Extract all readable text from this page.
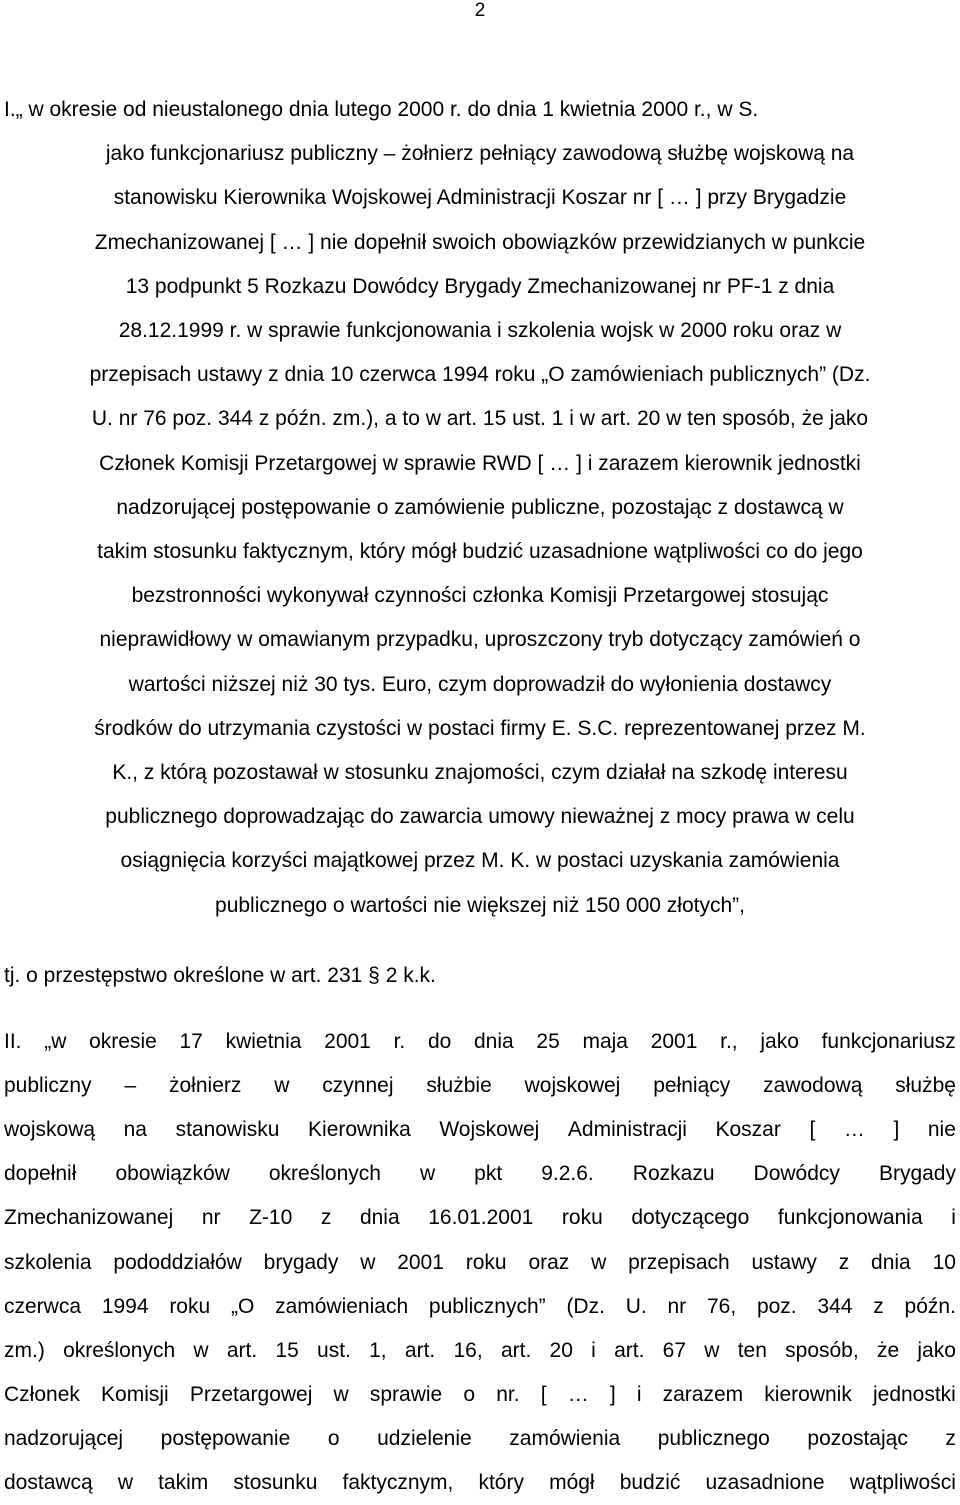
2
I.„ w okresie od nieustalonego dnia lutego 2000 r. do dnia 1 kwietnia 2000 r., w S.
jako funkcjonariusz publiczny – żołnierz pełniący zawodową służbę wojskową na
stanowisku Kierownika Wojskowej Administracji Koszar nr [ … ] przy Brygadzie
Zmechanizowanej [ … ] nie dopełnił swoich obowiązków przewidzianych w punkcie
13 podpunkt 5 Rozkazu Dowódcy Brygady Zmechanizowanej nr PF-1 z dnia
28.12.1999 r. w sprawie funkcjonowania i szkolenia wojsk w 2000 roku oraz w
przepisach ustawy z dnia 10 czerwca 1994 roku „O zamówieniach publicznych” (Dz.
U. nr 76 poz. 344 z późn. zm.), a to w art. 15 ust. 1 i w art. 20 w ten sposób, że jako
Członek Komisji Przetargowej w sprawie RWD [ … ] i zarazem kierownik jednostki
nadzorującej postępowanie o zamówienie publiczne, pozostając z dostawcą w
takim stosunku faktycznym, który mógł budzić uzasadnione wątpliwości co do jego
bezstronności wykonywał czynności członka Komisji Przetargowej stosując
nieprawidłowy w omawianym przypadku, uproszczony tryb dotyczący zamówień o
wartości niższej niż 30 tys. Euro, czym doprowadził do wyłonienia dostawcy
środków do utrzymania czystości w postaci firmy E. S.C. reprezentowanej przez M.
K., z którą pozostawał w stosunku znajomości, czym działał na szkodę interesu
publicznego doprowadzając do zawarcia umowy nieważnej z mocy prawa w celu
osiągnięcia korzyści majątkowej przez M. K. w postaci uzyskania zamówienia
publicznego o wartości nie większej niż 150 000 złotych”,
tj. o przestępstwo określone w art. 231 § 2 k.k.
II. „w okresie 17 kwietnia 2001 r. do dnia 25 maja 2001 r., jako funkcjonariusz
publiczny – żołnierz w czynnej służbie wojskowej pełniący zawodową służbę
wojskową na stanowisku Kierownika Wojskowej Administracji Koszar [ … ] nie
dopełnił obowiązków określonych w pkt 9.2.6. Rozkazu Dowódcy Brygady
Zmechanizowanej nr Z-10 z dnia 16.01.2001 roku dotyczącego funkcjonowania i
szkolenia pododdziałów brygady w 2001 roku oraz w przepisach ustawy z dnia 10
czerwca 1994 roku „O zamówieniach publicznych” (Dz. U. nr 76, poz. 344 z późn.
zm.) określonych w art. 15 ust. 1, art. 16, art. 20 i art. 67 w ten sposób, że jako
Członek Komisji Przetargowej w sprawie o nr. [ … ] i zarazem kierownik jednostki
nadzorującej postępowanie o udzielenie zamówienia publicznego pozostając z
dostawcą w takim stosunku faktycznym, który mógł budzić uzasadnione wątpliwości
